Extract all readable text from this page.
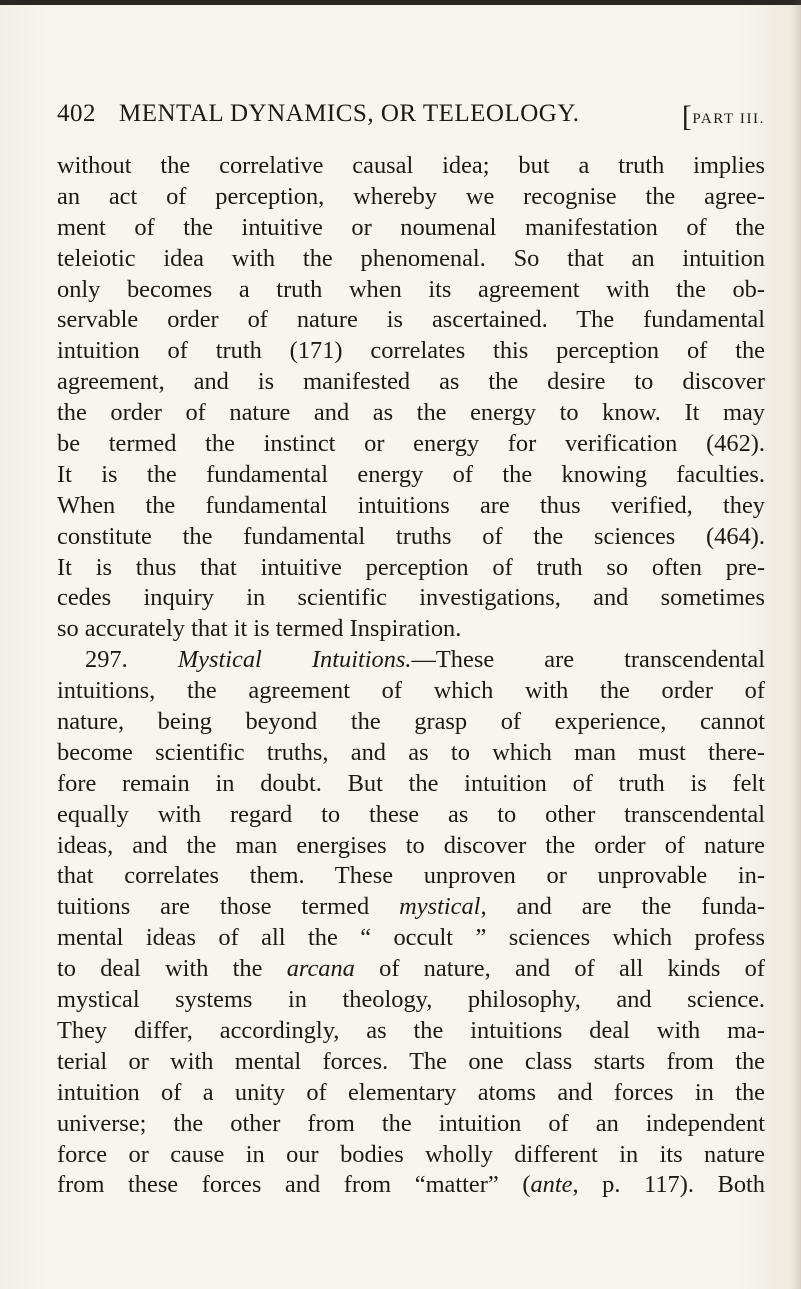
402 MENTAL DYNAMICS, OR TELEOLOGY.	[PART III.
without the correlative causal idea; but a truth implies
an act of perception, whereby we recognise the agree-
ment of the intuitive or noumenal manifestation of the
teleiotic idea with the phenomenal. So that an intuition
only becomes a truth when its agreement with the ob-
servable order of nature is ascertained. The fundamental
intuition of truth (171) correlates this perception of the
agreement, and is manifested as the desire to discover
the order of nature and as the energy to know. It may
be termed the instinct or energy for verification (462).
It is the fundamental energy of the knowing faculties.
When the fundamental intuitions are thus verified, they
constitute the fundamental truths of the sciences (464).
It is thus that intuitive perception of truth so often pre-
cedes inquiry in scientific investigations, and sometimes
so accurately that it is termed Inspiration.
297. Mystical Intuitions.—These are transcendental
intuitions, the agreement of which with the order of
nature, being beyond the grasp of experience, cannot
become scientific truths, and as to which man must there-
fore remain in doubt. But the intuition of truth is felt
equally with regard to these as to other transcendental
ideas, and the man energises to discover the order of nature
that correlates them. These unproven or unprovable in-
tuitions are those termed mystical, and are the funda-
mental ideas of all the “ occult ” sciences which profess
to deal with the arcana of nature, and of all kinds of
mystical systems in theology, philosophy, and science.
They differ, accordingly, as the intuitions deal with ma-
terial or with mental forces. The one class starts from the
intuition of a unity of elementary atoms and forces in the
universe; the other from the intuition of an independent
force or cause in our bodies wholly different in its nature
from these forces and from “matter” (ante, p. 117). Both
